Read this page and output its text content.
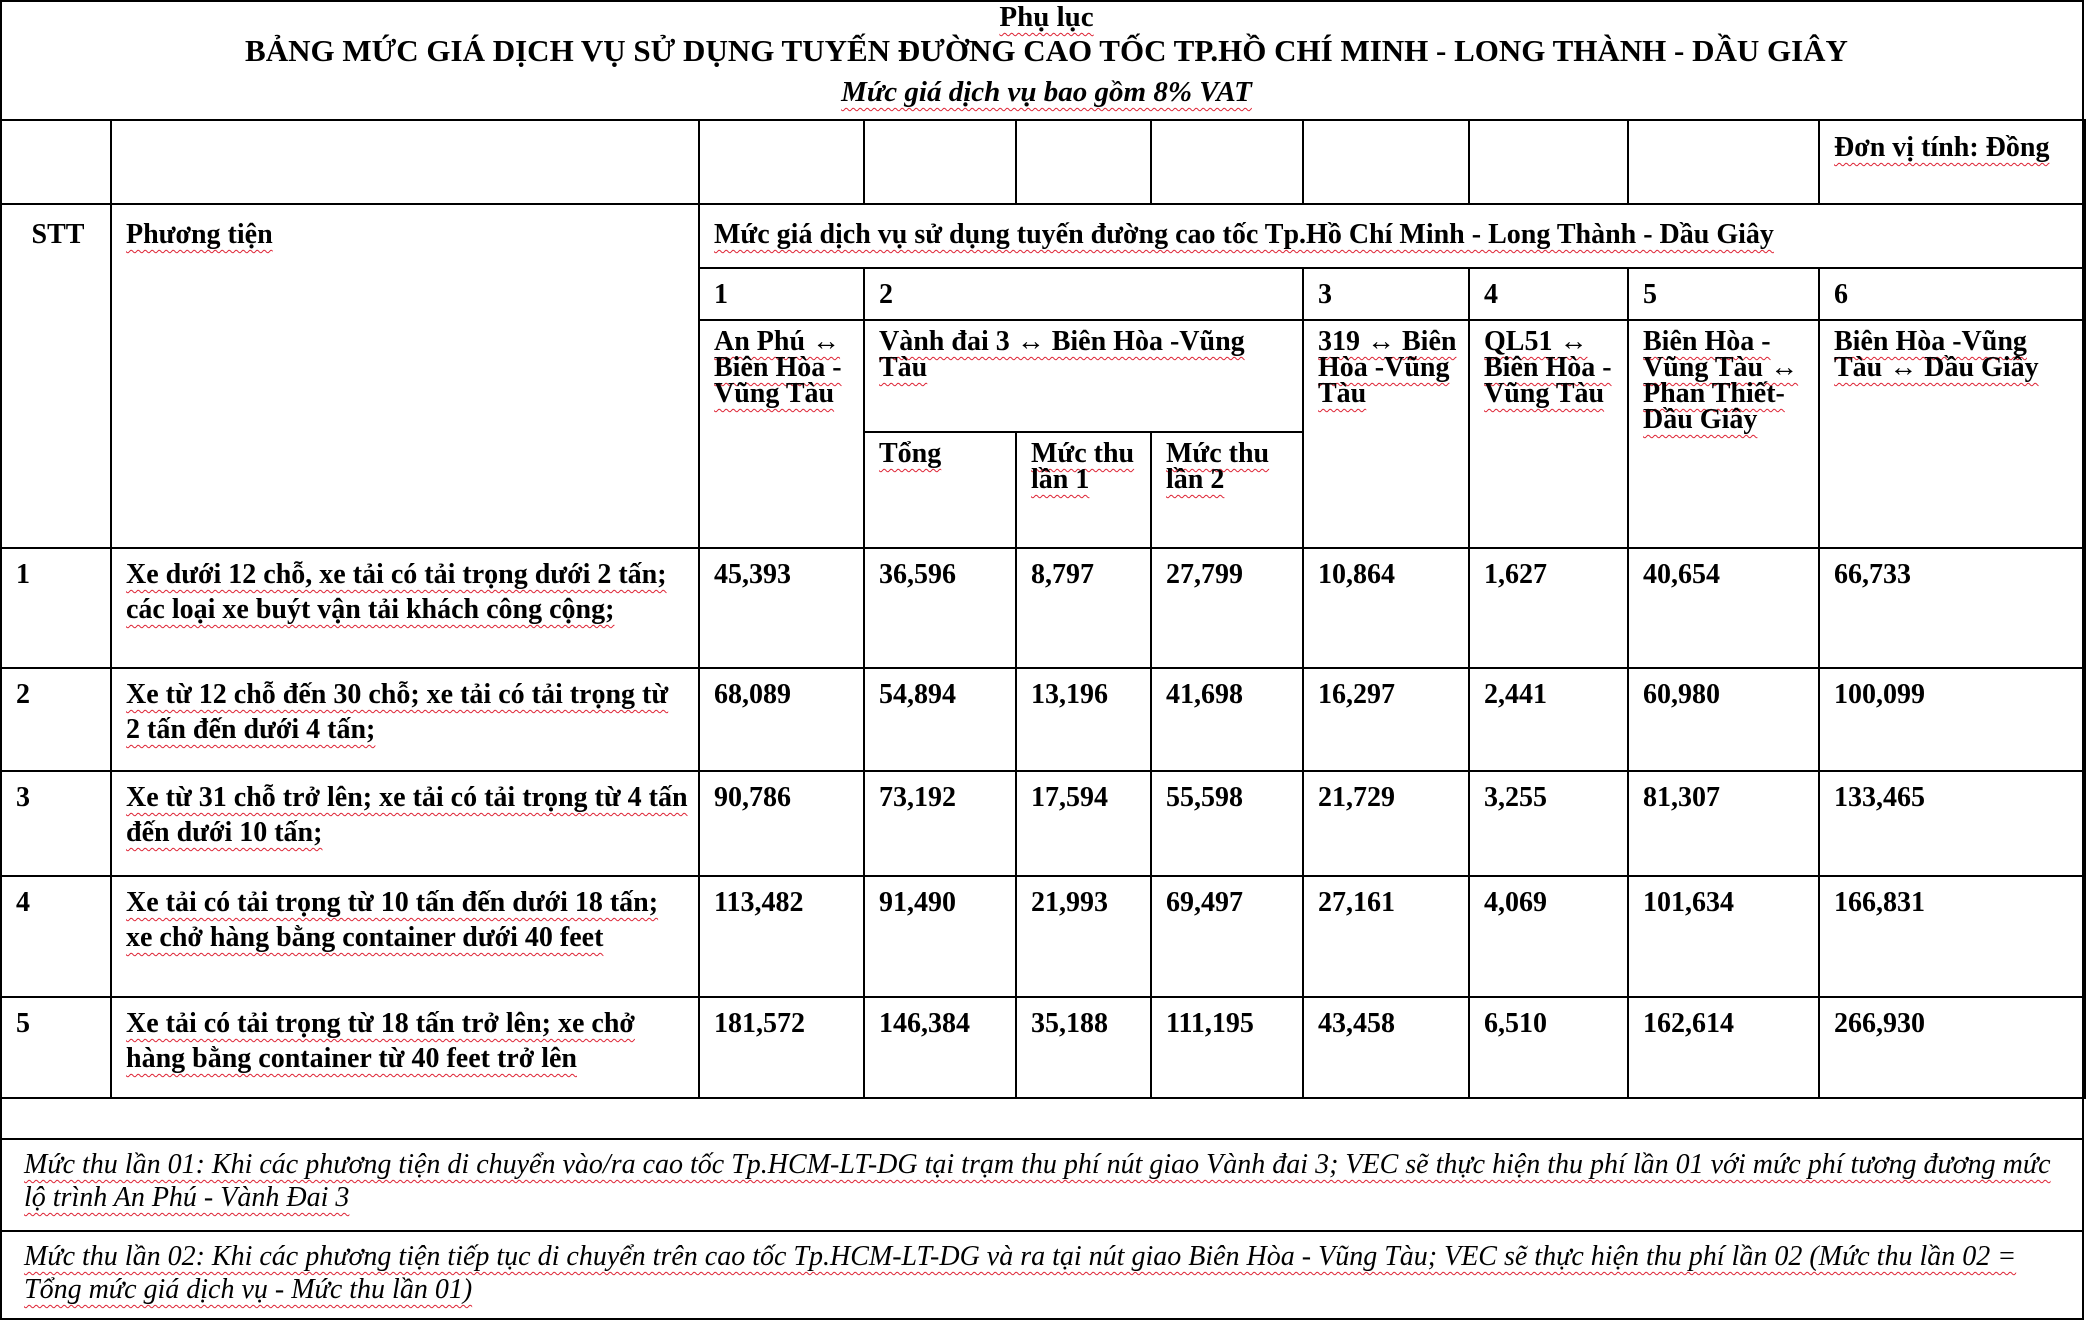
Phụ lục
BẢNG MỨC GIÁ DỊCH VỤ SỬ DỤNG TUYẾN ĐƯỜNG CAO TỐC TP.HỒ CHÍ MINH - LONG THÀNH - DẦU GIÂY
Mức giá dịch vụ bao gồm 8% VAT
									Đơn vị tính: Đồng
STT	Phương tiện	Mức giá dịch vụ sử dụng tuyến đường cao tốc Tp.Hồ Chí Minh - Long Thành - Dầu Giây							
		1	2			3	4	5	6
		An Phú ↔ Biên Hòa -Vũng Tàu	Vành đai 3 ↔ Biên Hòa -Vũng Tàu			319 ↔ Biên Hòa -Vũng Tàu	QL51 ↔ Biên Hòa -Vũng Tàu	Biên Hòa - Vũng Tàu ↔ Phan Thiết-Dầu Giây	Biên Hòa -Vũng Tàu ↔ Dầu Giây
			Tổng	Mức thu lần 1	Mức thu lần 2				
1	Xe dưới 12 chỗ, xe tải có tải trọng dưới 2 tấn; các loại xe buýt vận tải khách công cộng;	45,393	36,596	8,797	27,799	10,864	1,627	40,654	66,733
2	Xe từ 12 chỗ đến 30 chỗ; xe tải có tải trọng từ 2 tấn đến dưới 4 tấn;	68,089	54,894	13,196	41,698	16,297	2,441	60,980	100,099
3	Xe từ 31 chỗ trở lên; xe tải có tải trọng từ 4 tấn đến dưới 10 tấn;	90,786	73,192	17,594	55,598	21,729	3,255	81,307	133,465
4	Xe tải có tải trọng từ 10 tấn đến dưới 18 tấn; xe chở hàng bằng container dưới 40 feet	113,482	91,490	21,993	69,497	27,161	4,069	101,634	166,831
5	Xe tải có tải trọng từ 18 tấn trở lên; xe chở hàng bằng container từ 40 feet trở lên	181,572	146,384	35,188	111,195	43,458	6,510	162,614	266,930
Mức thu lần 01: Khi các phương tiện di chuyển vào/ra cao tốc Tp.HCM-LT-DG tại trạm thu phí nút giao Vành đai 3; VEC sẽ thực hiện thu phí lần 01 với mức phí tương đương mức lộ trình An Phú - Vành Đai 3
Mức thu lần 02: Khi các phương tiện tiếp tục di chuyển trên cao tốc Tp.HCM-LT-DG và ra tại nút giao Biên Hòa - Vũng Tàu; VEC sẽ thực hiện thu phí lần 02 (Mức thu lần 02 = Tổng mức giá dịch vụ - Mức thu lần 01)
